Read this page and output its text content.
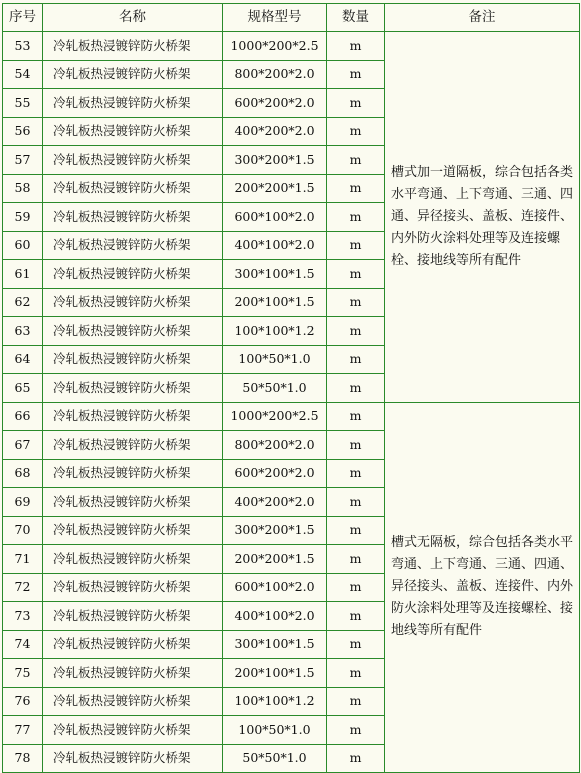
序号	名称	规格型号	数量	备注
53	冷轧板热浸镀锌防火桥架	1000*200*2.5	m	槽式加一道隔板，综合包括各类水平弯通、上下弯通、三通、四通、异径接头、盖板、连接件、内外防火涂料处理等及连接螺栓、接地线等所有配件
54	冷轧板热浸镀锌防火桥架	800*200*2.0	m	
55	冷轧板热浸镀锌防火桥架	600*200*2.0	m	
56	冷轧板热浸镀锌防火桥架	400*200*2.0	m	
57	冷轧板热浸镀锌防火桥架	300*200*1.5	m	
58	冷轧板热浸镀锌防火桥架	200*200*1.5	m	
59	冷轧板热浸镀锌防火桥架	600*100*2.0	m	
60	冷轧板热浸镀锌防火桥架	400*100*2.0	m	
61	冷轧板热浸镀锌防火桥架	300*100*1.5	m	
62	冷轧板热浸镀锌防火桥架	200*100*1.5	m	
63	冷轧板热浸镀锌防火桥架	100*100*1.2	m	
64	冷轧板热浸镀锌防火桥架	100*50*1.0	m	
65	冷轧板热浸镀锌防火桥架	50*50*1.0	m	
66	冷轧板热浸镀锌防火桥架	1000*200*2.5	m	槽式无隔板，综合包括各类水平弯通、上下弯通、三通、四通、异径接头、盖板、连接件、内外防火涂料处理等及连接螺栓、接地线等所有配件
67	冷轧板热浸镀锌防火桥架	800*200*2.0	m	
68	冷轧板热浸镀锌防火桥架	600*200*2.0	m	
69	冷轧板热浸镀锌防火桥架	400*200*2.0	m	
70	冷轧板热浸镀锌防火桥架	300*200*1.5	m	
71	冷轧板热浸镀锌防火桥架	200*200*1.5	m	
72	冷轧板热浸镀锌防火桥架	600*100*2.0	m	
73	冷轧板热浸镀锌防火桥架	400*100*2.0	m	
74	冷轧板热浸镀锌防火桥架	300*100*1.5	m	
75	冷轧板热浸镀锌防火桥架	200*100*1.5	m	
76	冷轧板热浸镀锌防火桥架	100*100*1.2	m	
77	冷轧板热浸镀锌防火桥架	100*50*1.0	m	
78	冷轧板热浸镀锌防火桥架	50*50*1.0	m	
